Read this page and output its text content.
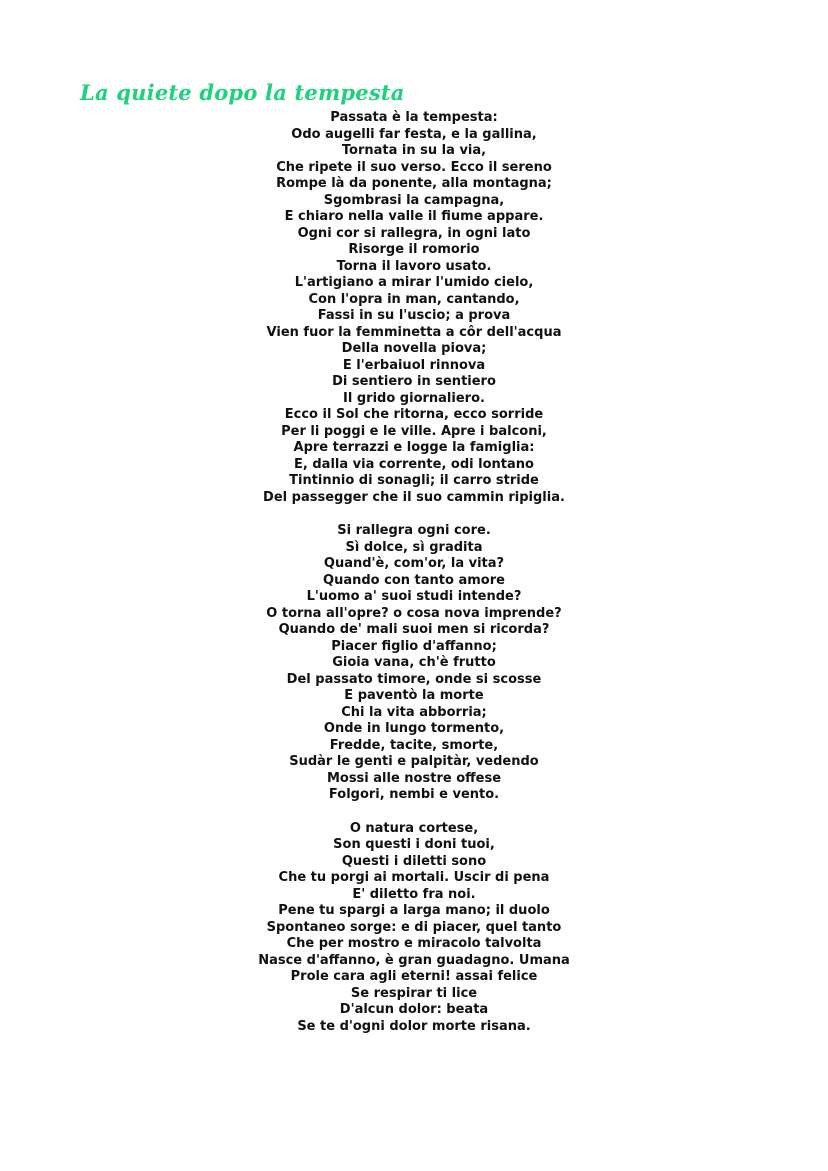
La quiete dopo la tempesta
Passata è la tempesta:
Odo augelli far festa, e la gallina,
Tornata in su la via,
Che ripete il suo verso. Ecco il sereno
Rompe là da ponente, alla montagna;
Sgombrasi la campagna,
E chiaro nella valle il fiume appare.
Ogni cor si rallegra, in ogni lato
Risorge il romorio
Torna il lavoro usato.
L'artigiano a mirar l'umido cielo,
Con l'opra in man, cantando,
Fassi in su l'uscio; a prova
Vien fuor la femminetta a côr dell'acqua
Della novella piova;
E l'erbaiuol rinnova
Di sentiero in sentiero
Il grido giornaliero.
Ecco il Sol che ritorna, ecco sorride
Per li poggi e le ville. Apre i balconi,
Apre terrazzi e logge la famiglia:
E, dalla via corrente, odi lontano
Tintinnio di sonagli; il carro stride
Del passegger che il suo cammin ripiglia.
Si rallegra ogni core.
Sì dolce, sì gradita
Quand'è, com'or, la vita?
Quando con tanto amore
L'uomo a' suoi studi intende?
O torna all'opre? o cosa nova imprende?
Quando de' mali suoi men si ricorda?
Piacer figlio d'affanno;
Gioia vana, ch'è frutto
Del passato timore, onde si scosse
E paventò la morte
Chi la vita abborria;
Onde in lungo tormento,
Fredde, tacite, smorte,
Sudàr le genti e palpitàr, vedendo
Mossi alle nostre offese
Folgori, nembi e vento.
O natura cortese,
Son questi i doni tuoi,
Questi i diletti sono
Che tu porgi ai mortali. Uscir di pena
E' diletto fra noi.
Pene tu spargi a larga mano; il duolo
Spontaneo sorge: e di piacer, quel tanto
Che per mostro e miracolo talvolta
Nasce d'affanno, è gran guadagno. Umana
Prole cara agli eterni! assai felice
Se respirar ti lice
D'alcun dolor: beata
Se te d'ogni dolor morte risana.
